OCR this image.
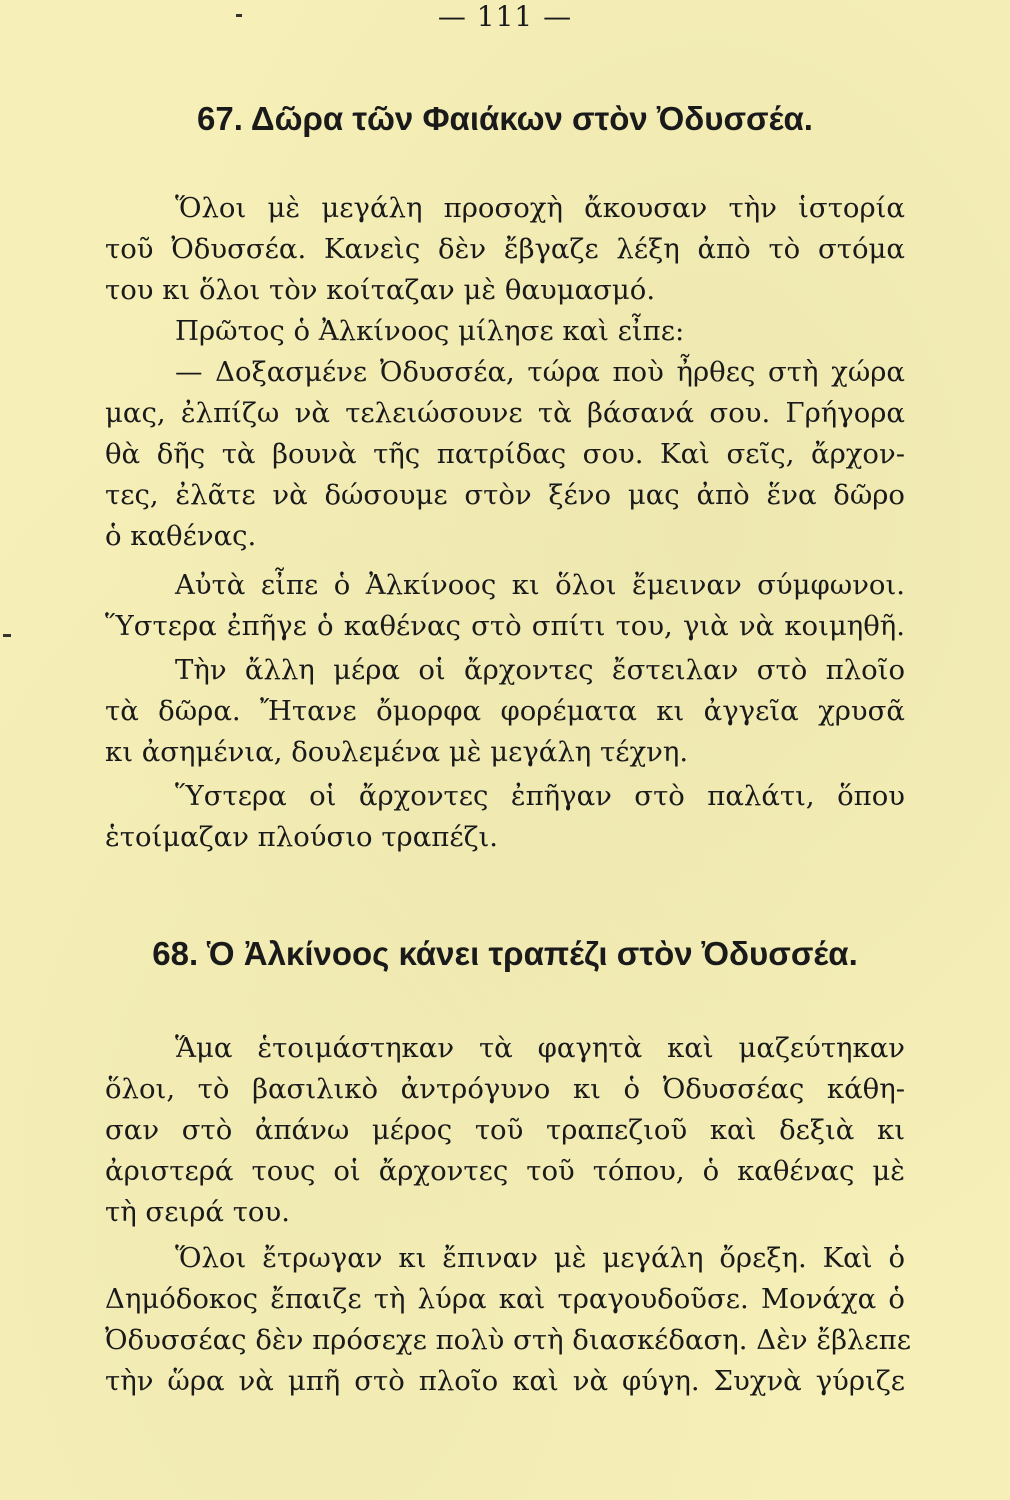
— 111 —
67. Δῶρα τῶν Φαιάκων στὸν Ὀδυσσέα.
Ὅλοι μὲ μεγάλη προσοχὴ ἄκουσαν τὴν ἱστορία
τοῦ Ὀδυσσέα. Κανεὶς δὲν ἔβγαζε λέξη ἀπὸ τὸ στόμα
του κι ὅλοι τὸν κοίταζαν μὲ θαυμασμό.
Πρῶτος ὁ Ἀλκίνοος μίλησε καὶ εἶπε:
— Δοξασμένε Ὀδυσσέα, τώρα ποὺ ἦρθες στὴ χώρα
μας, ἐλπίζω νὰ τελειώσουνε τὰ βάσανά σου. Γρήγορα
θὰ δῆς τὰ βουνὰ τῆς πατρίδας σου. Καὶ σεῖς, ἄρχον-
τες, ἐλᾶτε νὰ δώσουμε στὸν ξένο μας ἀπὸ ἕνα δῶρο
ὁ καθένας.
Αὐτὰ εἶπε ὁ Ἀλκίνοος κι ὅλοι ἔμειναν σύμφωνοι.
Ὕστερα ἐπῆγε ὁ καθένας στὸ σπίτι του, γιὰ νὰ κοιμηθῆ.
Τὴν ἄλλη μέρα οἱ ἄρχοντες ἔστειλαν στὸ πλοῖο
τὰ δῶρα. Ἤτανε ὄμορφα φορέματα κι ἀγγεῖα χρυσᾶ
κι ἀσημένια, δουλεμένα μὲ μεγάλη τέχνη.
Ὕστερα οἱ ἄρχοντες ἐπῆγαν στὸ παλάτι, ὅπου
ἑτοίμαζαν πλούσιο τραπέζι.
68. Ὁ Ἀλκίνοος κάνει τραπέζι στὸν Ὀδυσσέα.
Ἅμα ἑτοιμάστηκαν τὰ φαγητὰ καὶ μαζεύτηκαν
ὅλοι, τὸ βασιλικὸ ἀντρόγυνο κι ὁ Ὀδυσσέας κάθη-
σαν στὸ ἀπάνω μέρος τοῦ τραπεζιοῦ καὶ δεξιὰ κι
ἀριστερά τους οἱ ἄρχοντες τοῦ τόπου, ὁ καθένας μὲ
τὴ σειρά του.
Ὅλοι ἔτρωγαν κι ἔπιναν μὲ μεγάλη ὄρεξη. Καὶ ὁ
Δημόδοκος ἔπαιζε τὴ λύρα καὶ τραγουδοῦσε. Μονάχα ὁ
Ὀδυσσέας δὲν πρόσεχε πολὺ στὴ διασκέδαση. Δὲν ἔβλεπε
τὴν ὥρα νὰ μπῆ στὸ πλοῖο καὶ νὰ φύγη. Συχνὰ γύριζε
